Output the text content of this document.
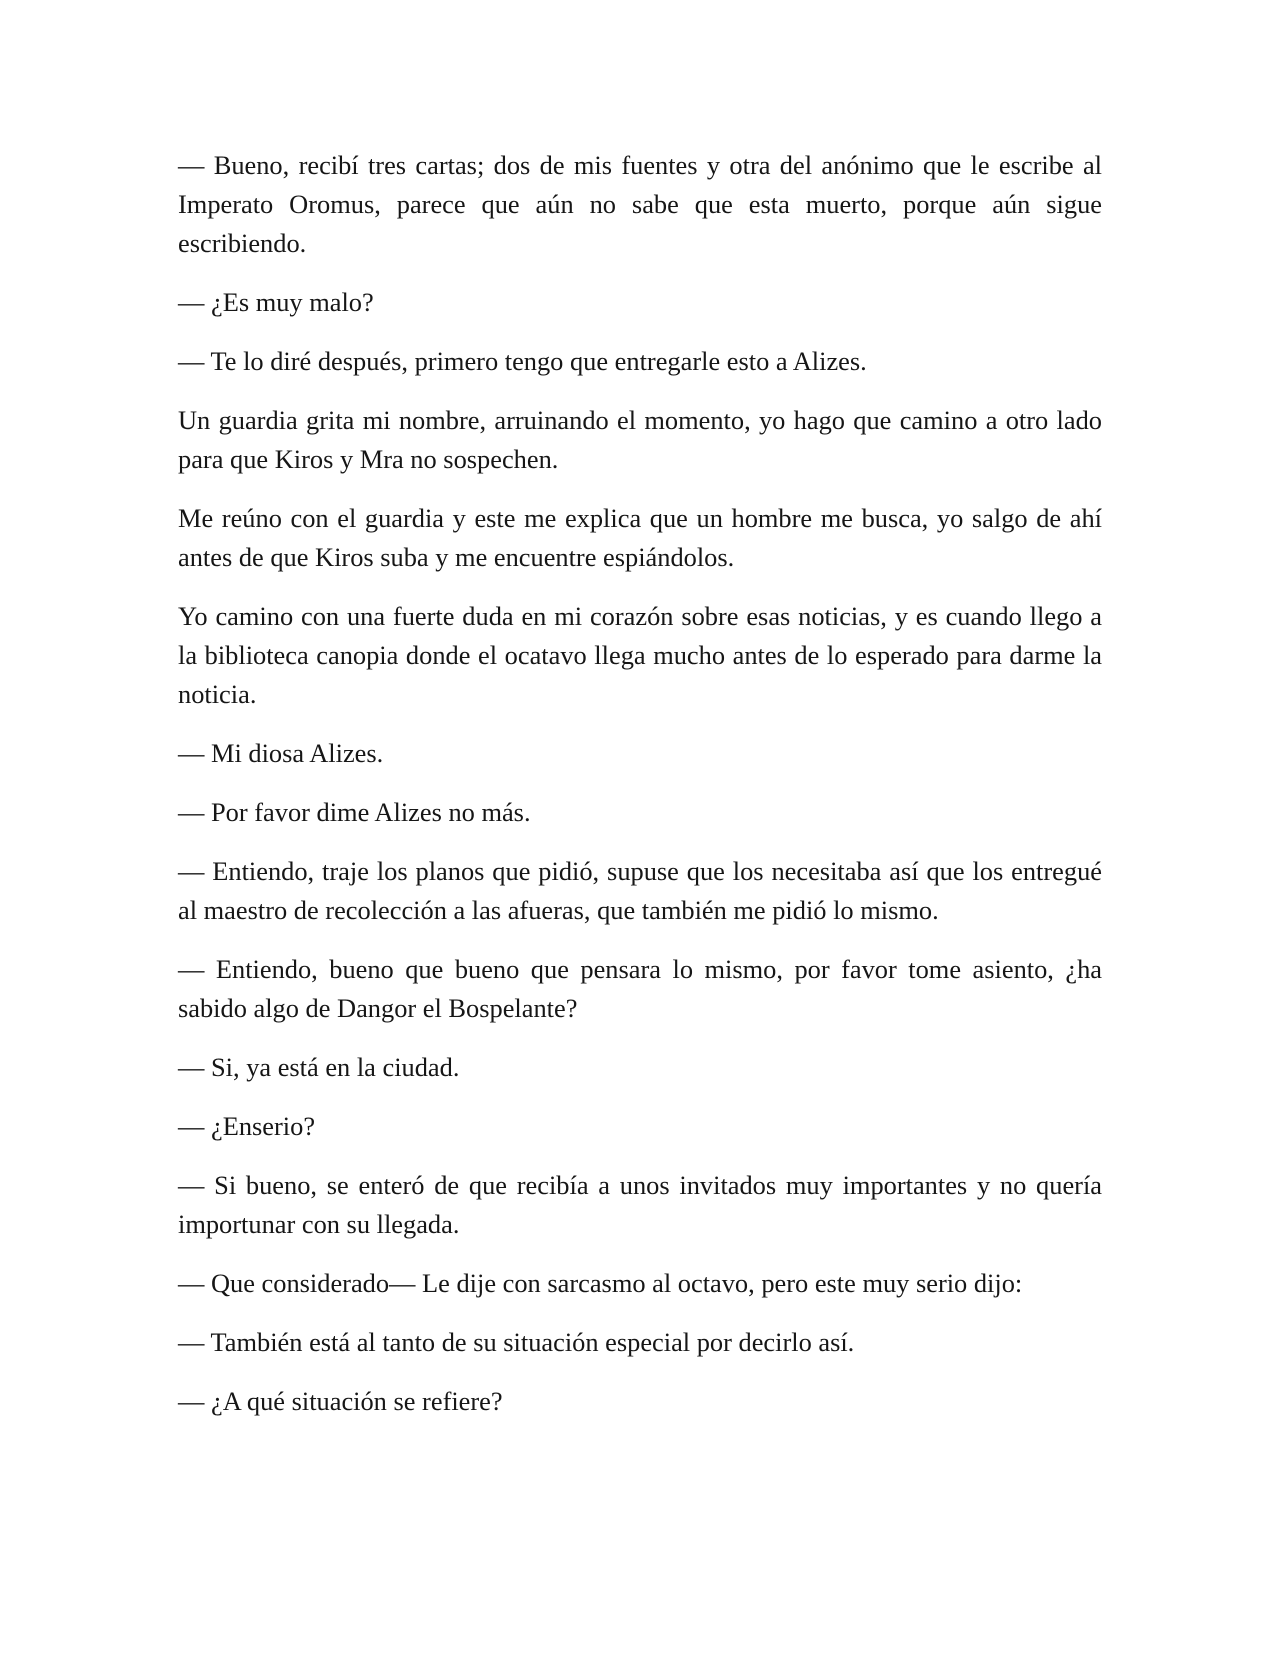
— Bueno, recibí tres cartas; dos de mis fuentes y otra del anónimo que le escribe al Imperato Oromus, parece que aún no sabe que esta muerto, porque aún sigue escribiendo.

— ¿Es muy malo?

— Te lo diré después, primero tengo que entregarle esto a Alizes.

Un guardia grita mi nombre, arruinando el momento, yo hago que camino a otro lado para que Kiros y Mra no sospechen.

Me reúno con el guardia y este me explica que un hombre me busca, yo salgo de ahí antes de que Kiros suba y me encuentre espiándolos.

Yo camino con una fuerte duda en mi corazón sobre esas noticias, y es cuando llego a la biblioteca canopia donde el ocatavo llega mucho antes de lo esperado para darme la noticia.

— Mi diosa Alizes.

— Por favor dime Alizes no más.

— Entiendo, traje los planos que pidió, supuse que los necesitaba así que los entregué al maestro de recolección a las afueras, que también me pidió lo mismo.

— Entiendo, bueno que bueno que pensara lo mismo, por favor tome asiento, ¿ha sabido algo de Dangor el Bospelante?

— Si, ya está en la ciudad.

— ¿Enserio?

— Si bueno, se enteró de que recibía a unos invitados muy importantes y no quería importunar con su llegada.

— Que considerado— Le dije con sarcasmo al octavo, pero este muy serio dijo:

— También está al tanto de su situación especial por decirlo así.

— ¿A qué situación se refiere?
